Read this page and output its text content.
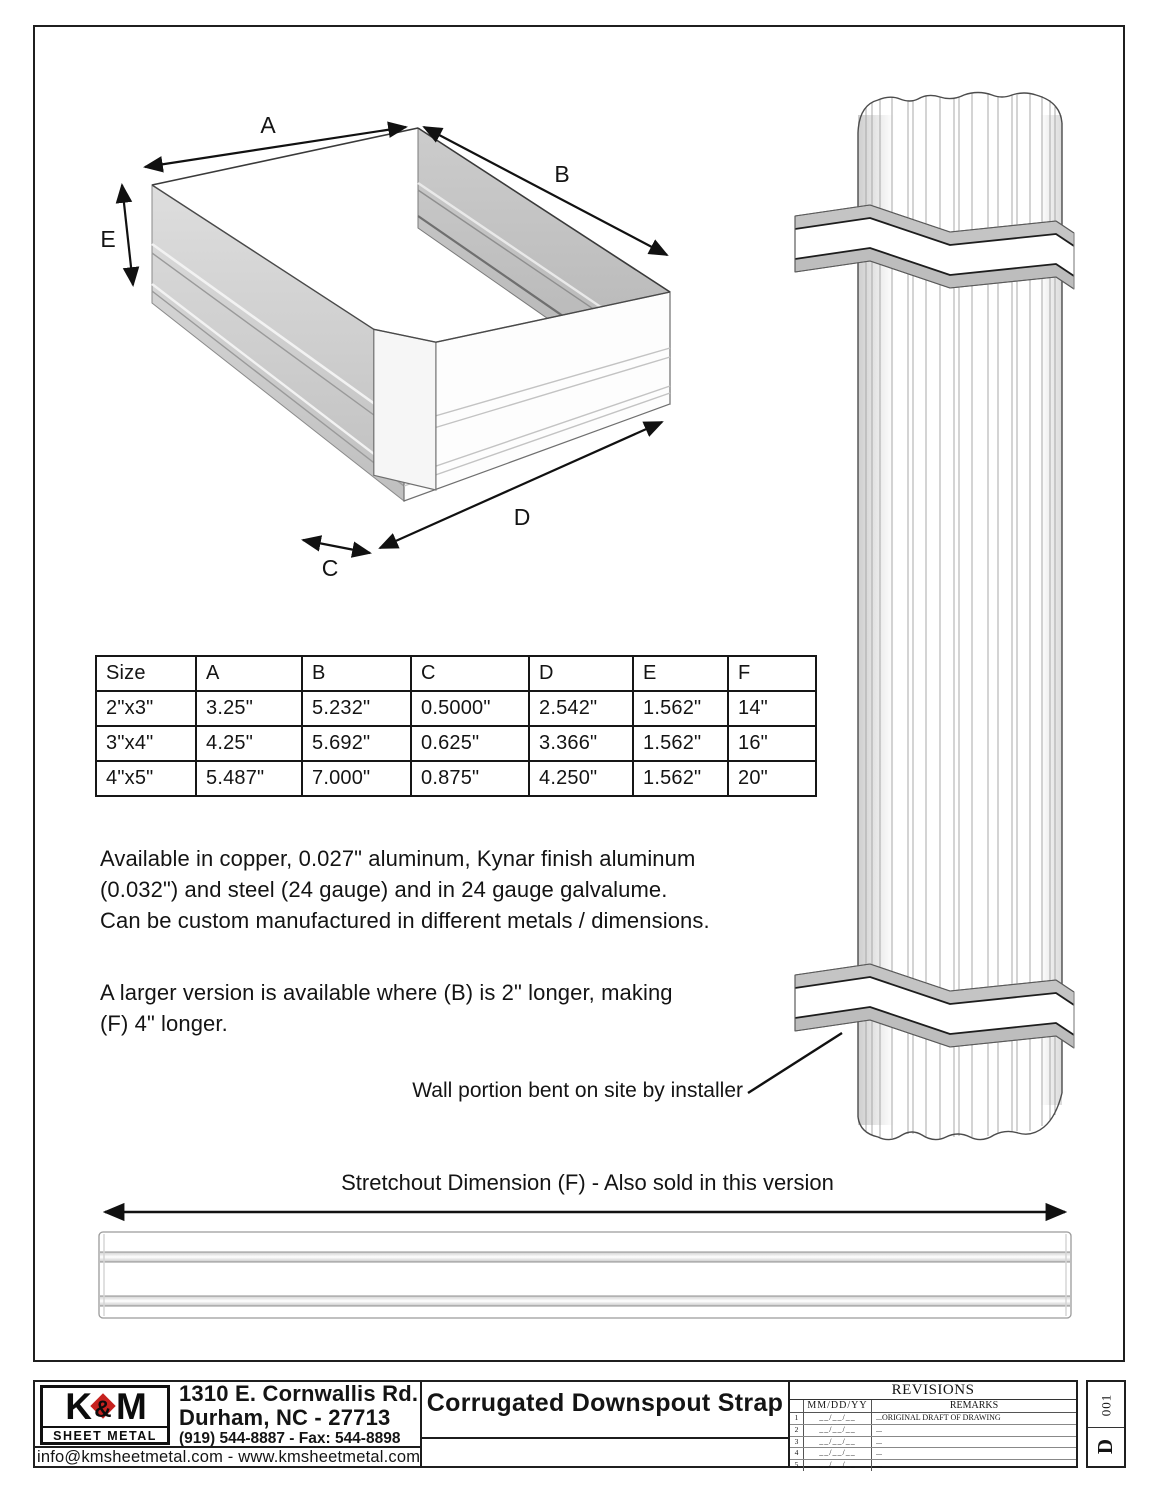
A
B
E
C
D
Size	A	B	C	D	E	F
2"x3"	3.25"	5.232"	0.5000"	2.542"	1.562"	14"
3"x4"	4.25"	5.692"	0.625"	3.366"	1.562"	16"
4"x5"	5.487"	7.000"	0.875"	4.250"	1.562"	20"
Available in copper, 0.027" aluminum, Kynar finish aluminum
(0.032") and steel (24 gauge) and in 24 gauge galvalume.
Can be custom manufactured in different metals / dimensions.
A larger version is available where (B) is 2" longer, making
(F) 4" longer.
Wall portion bent on site by installer
Stretchout Dimension (F) - Also sold in this version
K & M
SHEET METAL
1310 E. Cornwallis Rd.
Durham, NC - 27713
(919) 544-8887 - Fax: 544-8898
info@kmsheetmetal.com - www.kmsheetmetal.com
Corrugated Downspout Strap	REVISIONS
MM/DD/YY	REMARKS
1	__/__/__	...ORIGINAL DRAFT OF DRAWING
2	__/__/__	...
3	__/__/__	...
4	__/__/__	...
5	__/__/__	...
001
D
